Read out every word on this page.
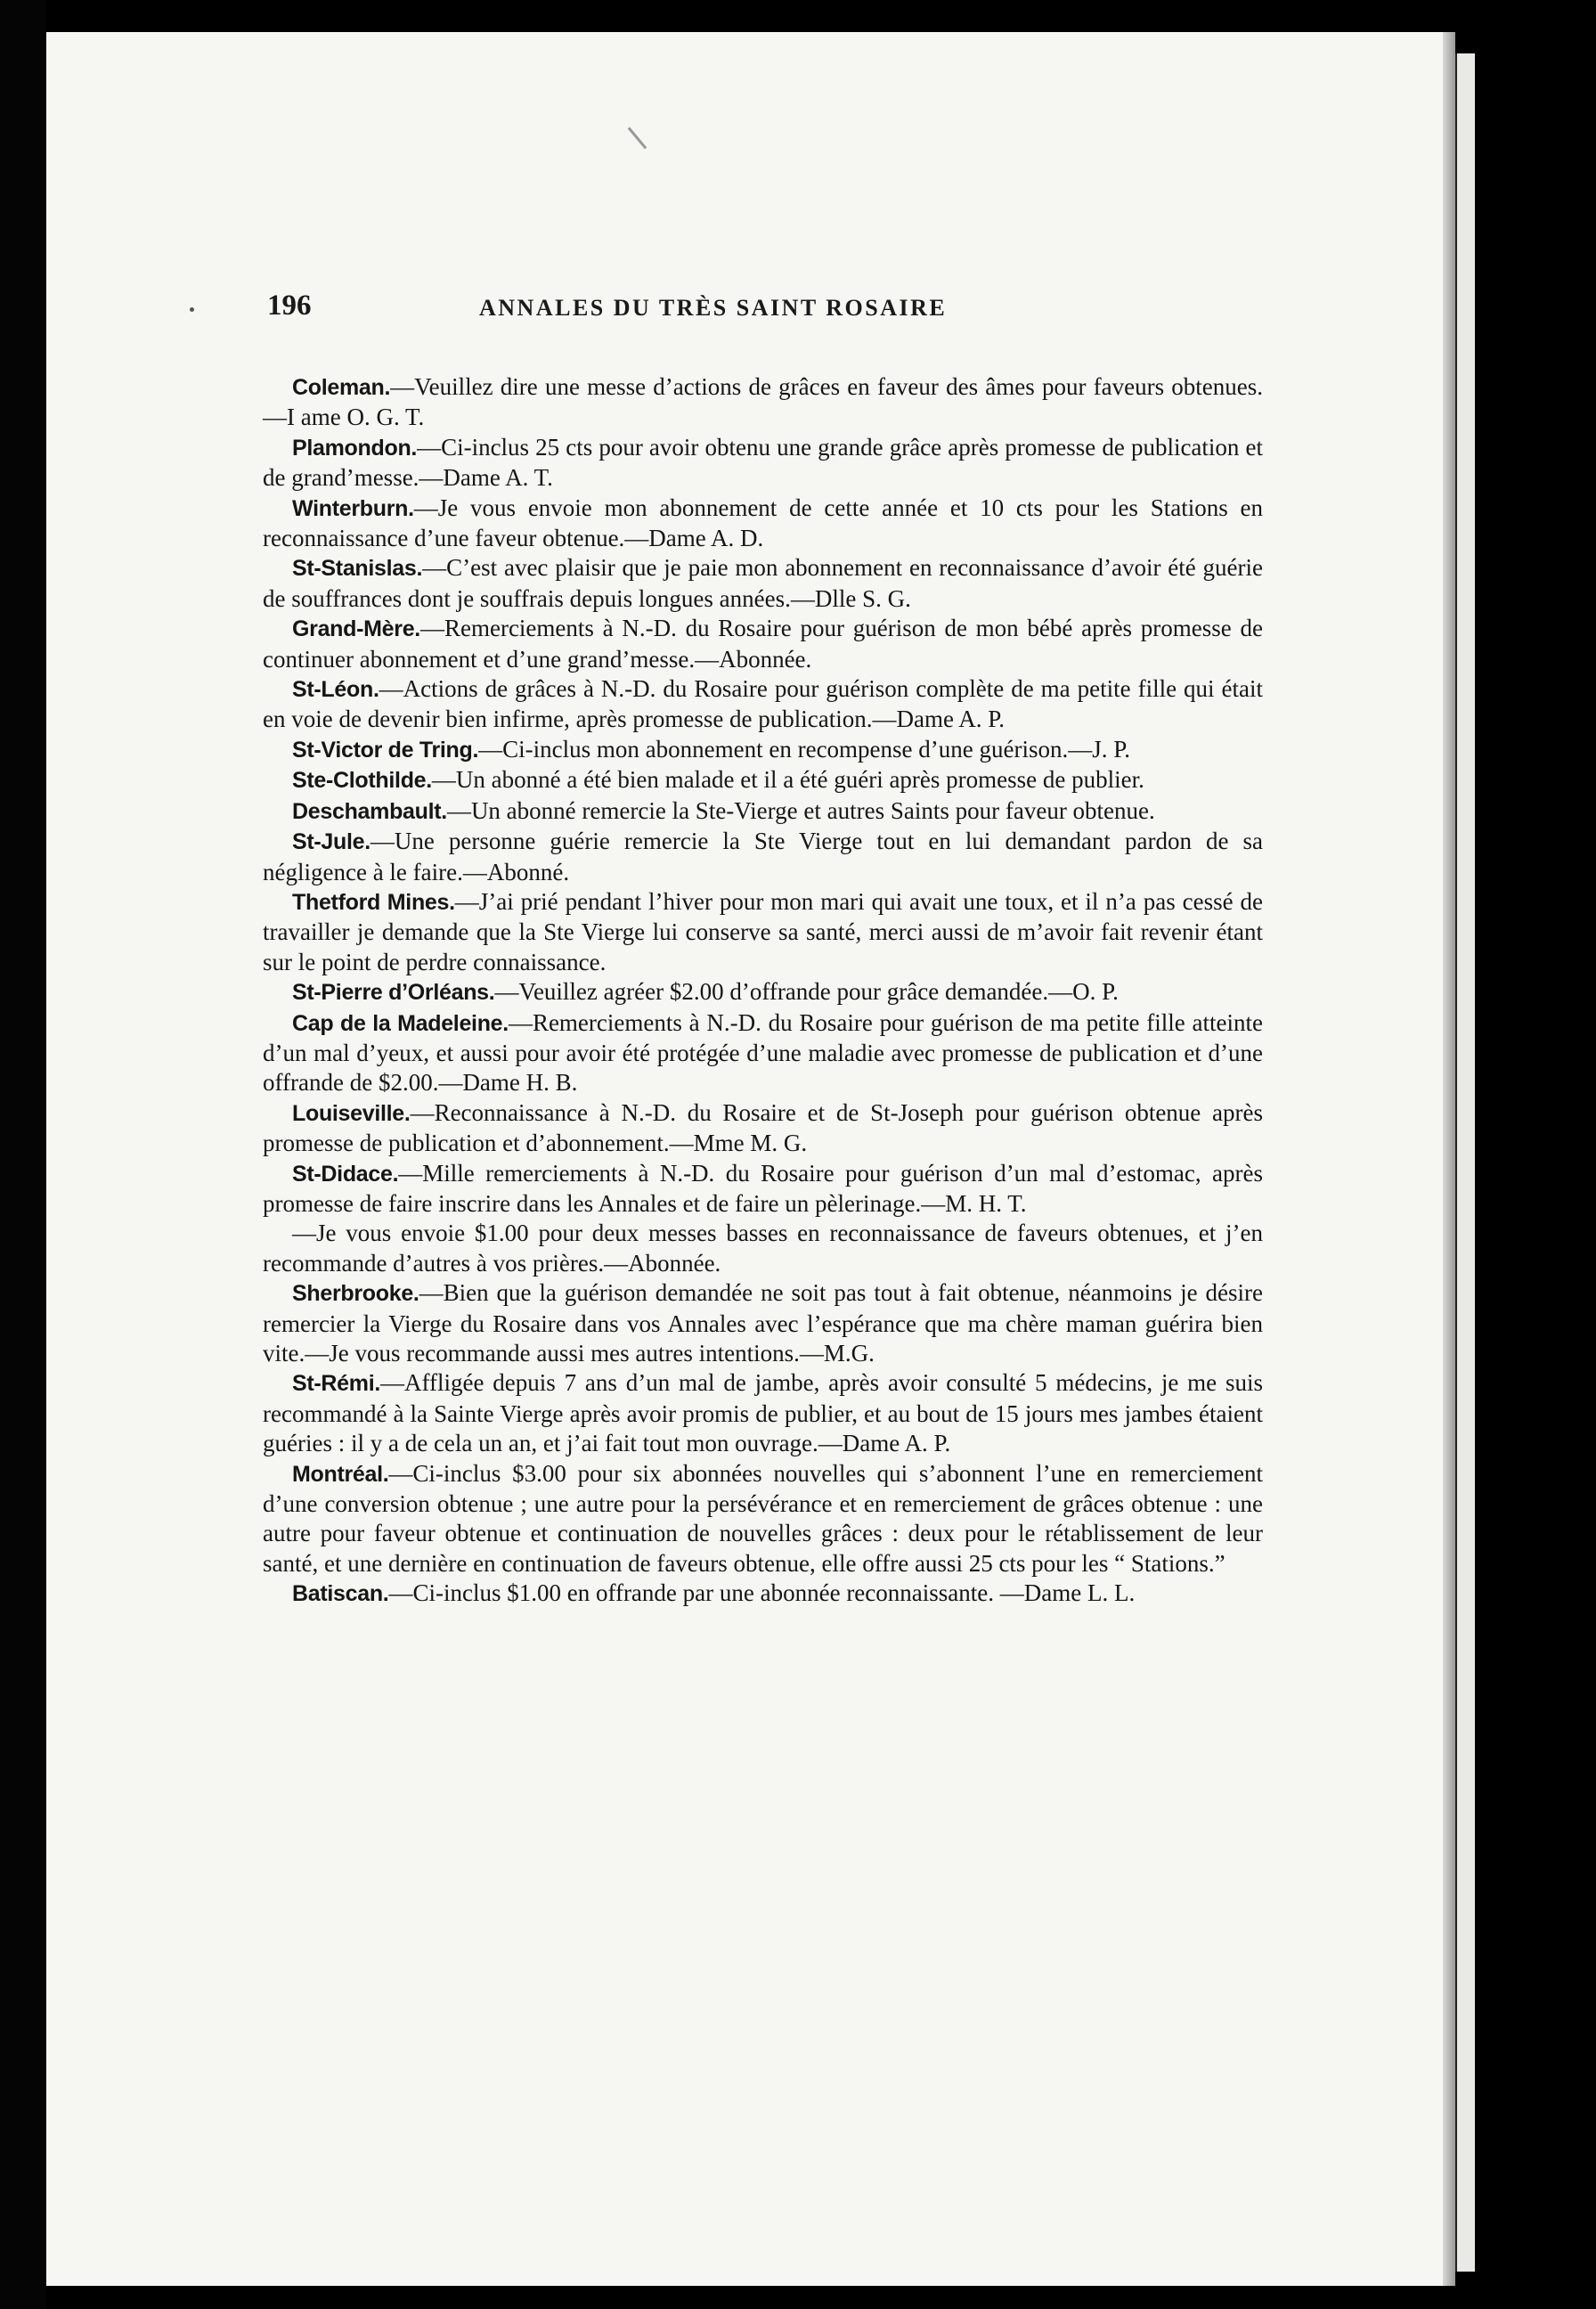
196	ANNALES DU TRÈS SAINT ROSAIRE

Coleman.—Veuillez dire une messe d’actions de grâces en faveur des âmes pour faveurs obtenues.—I ame O. G. T.

Plamondon.—Ci-inclus 25 cts pour avoir obtenu une grande grâce après promesse de publication et de grand’messe.—Dame A. T.

Winterburn.—Je vous envoie mon abonnement de cette année et 10 cts pour les Stations en reconnaissance d’une faveur obtenue.—Dame A. D.

St-Stanislas.—C’est avec plaisir que je paie mon abonnement en reconnaissance d’avoir été guérie de souffrances dont je souffrais depuis longues années.—Dlle S. G.

Grand-Mère.—Remerciements à N.-D. du Rosaire pour guérison de mon bébé après promesse de continuer abonnement et d’une grand’messe.—Abonnée.

St-Léon.—Actions de grâces à N.-D. du Rosaire pour guérison complète de ma petite fille qui était en voie de devenir bien infirme, après promesse de publication.—Dame A. P.

St-Victor de Tring.—Ci-inclus mon abonnement en recompense d’une guérison.—J. P.

Ste-Clothilde.—Un abonné a été bien malade et il a été guéri après promesse de publier.

Deschambault.—Un abonné remercie la Ste-Vierge et autres Saints pour faveur obtenue.

St-Jule.—Une personne guérie remercie la Ste Vierge tout en lui demandant pardon de sa négligence à le faire.—Abonné.

Thetford Mines.—J’ai prié pendant l’hiver pour mon mari qui avait une toux, et il n’a pas cessé de travailler je demande que la Ste Vierge lui conserve sa santé, merci aussi de m’avoir fait revenir étant sur le point de perdre connaissance.

St-Pierre d’Orléans.—Veuillez agréer $2.00 d’offrande pour grâce demandée.—O. P.

Cap de la Madeleine.—Remerciements à N.-D. du Rosaire pour guérison de ma petite fille atteinte d’un mal d’yeux, et aussi pour avoir été protégée d’une maladie avec promesse de publication et d’une offrande de $2.00.—Dame H. B.

Louiseville.—Reconnaissance à N.-D. du Rosaire et de St-Joseph pour guérison obtenue après promesse de publication et d’abonnement.—Mme M. G.

St-Didace.—Mille remerciements à N.-D. du Rosaire pour guérison d’un mal d’estomac, après promesse de faire inscrire dans les Annales et de faire un pèlerinage.—M. H. T.

—Je vous envoie $1.00 pour deux messes basses en reconnaissance de faveurs obtenues, et j’en recommande d’autres à vos prières.—Abonnée.

Sherbrooke.—Bien que la guérison demandée ne soit pas tout à fait obtenue, néanmoins je désire remercier la Vierge du Rosaire dans vos Annales avec l’espérance que ma chère maman guérira bien vite.—Je vous recommande aussi mes autres intentions.—M.G.

St-Rémi.—Affligée depuis 7 ans d’un mal de jambe, après avoir consulté 5 médecins, je me suis recommandé à la Sainte Vierge après avoir promis de publier, et au bout de 15 jours mes jambes étaient guéries : il y a de cela un an, et j’ai fait tout mon ouvrage.—Dame A. P.

Montréal.—Ci-inclus $3.00 pour six abonnées nouvelles qui s’abonnent l’une en remerciement d’une conversion obtenue ; une autre pour la persévérance et en remerciement de grâces obtenue : une autre pour faveur obtenue et continuation de nouvelles grâces : deux pour le rétablissement de leur santé, et une dernière en continuation de faveurs obtenue, elle offre aussi 25 cts pour les “ Stations.”

Batiscan.—Ci-inclus $1.00 en offrande par une abonnée reconnaissante. —Dame L. L.
